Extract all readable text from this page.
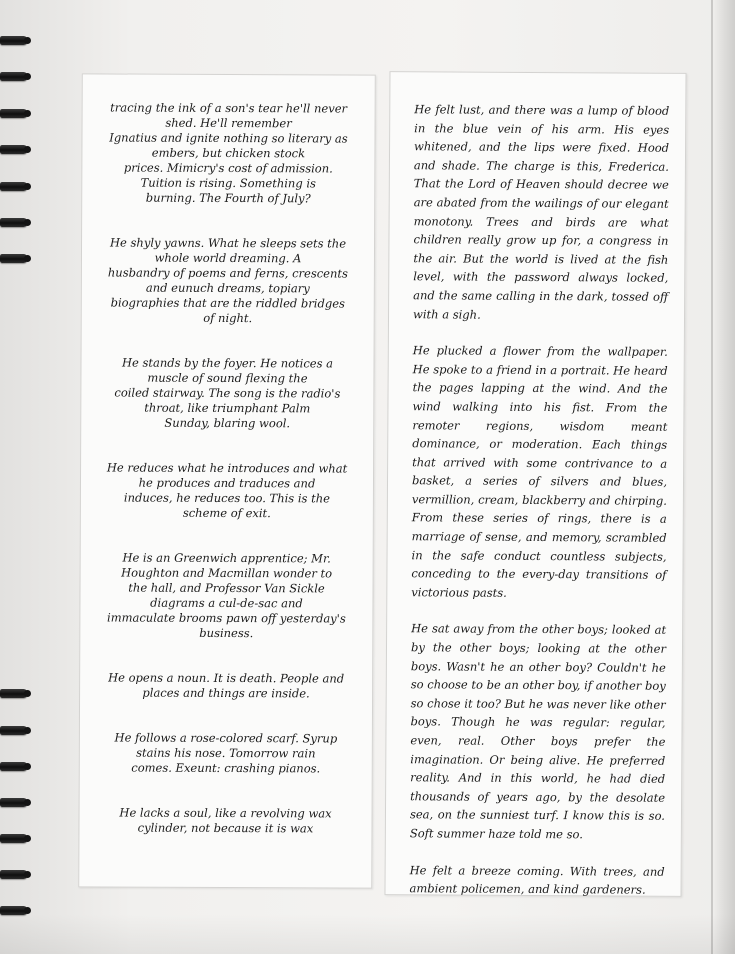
tracing the ink of a son's tear he'll never shed. He'll remember
Ignatius and ignite nothing so literary as embers, but chicken stock
prices. Mimicry's cost of admission. Tuition is rising. Something is
burning. The Fourth of July?
He shyly yawns. What he sleeps sets the whole world dreaming. A
husbandry of poems and ferns, crescents and eunuch dreams, topiary
biographies that are the riddled bridges of night.
He stands by the foyer. He notices a muscle of sound flexing the
coiled stairway. The song is the radio's throat, like triumphant Palm
Sunday, blaring wool.
He reduces what he introduces and what he produces and traduces and
induces, he reduces too. This is the scheme of exit.
He is an Greenwich apprentice; Mr. Houghton and Macmillan wonder to
the hall, and Professor Van Sickle diagrams a cul-de-sac and
immaculate brooms pawn off yesterday's business.
He opens a noun. It is death. People and places and things are inside.
He follows a rose-colored scarf. Syrup stains his nose. Tomorrow rain
comes. Exeunt: crashing pianos.
He lacks a soul, like a revolving wax cylinder, not because it is wax

He felt lust, and there was a lump of blood in the blue vein of his arm. His eyes whitened, and the lips were fixed. Hood and shade. The charge is this, Frederica. That the Lord of Heaven should decree we are abated from the wailings of our elegant monotony. Trees and birds are what children really grow up for, a congress in the air. But the world is lived at the fish level, with the password always locked, and the same calling in the dark, tossed off with a sigh.

He plucked a flower from the wallpaper. He spoke to a friend in a portrait. He heard the pages lapping at the wind. And the wind walking into his fist. From the remoter regions, wisdom meant dominance, or moderation. Each things that arrived with some contrivance to a basket, a series of silvers and blues, vermillion, cream, blackberry and chirping. From these series of rings, there is a marriage of sense, and memory, scrambled in the safe conduct countless subjects, conceding to the every-day transitions of victorious pasts.

He sat away from the other boys; looked at by the other boys; looking at the other boys. Wasn't he an other boy? Couldn't he so choose to be an other boy, if another boy so chose it too? But he was never like other boys. Though he was regular: regular, even, real. Other boys prefer the imagination. Or being alive. He preferred reality. And in this world, he had died thousands of years ago, by the desolate sea, on the sunniest turf. I know this is so. Soft summer haze told me so.

He felt a breeze coming. With trees, and ambient policemen, and kind gardeners.
